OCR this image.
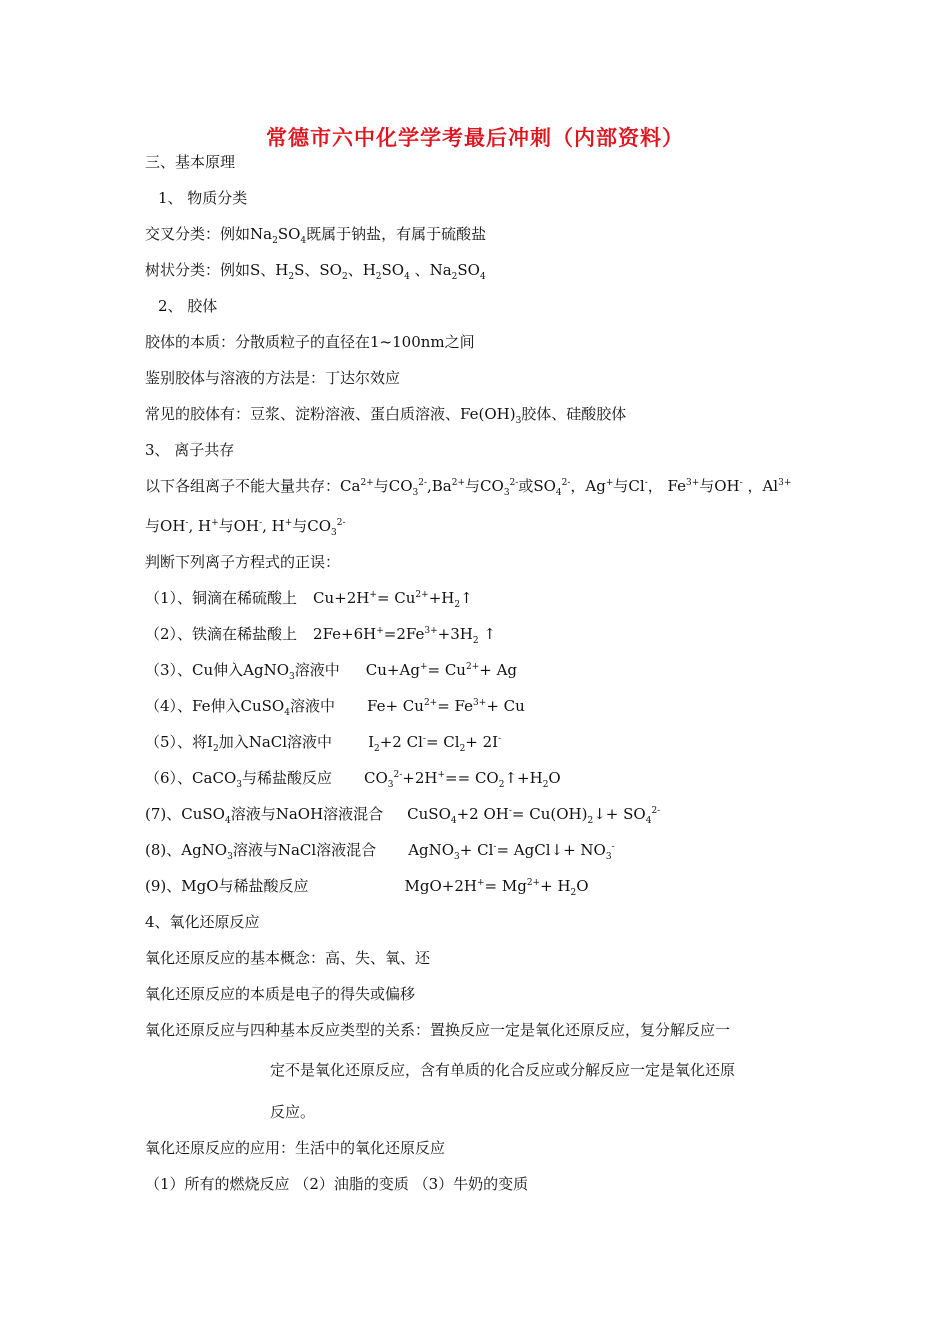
常德市六中化学学考最后冲刺（内部资料）
三、基本原理
1、 物质分类
交叉分类：例如$Na_2SO_4$既属于钠盐，有属于硫酸盐
树状分类：例如S、$H_2S$、$SO_2$、$H_2SO_4$ 、$Na_2SO_4$
2、 胶体
胶体的本质：分散质粒子的直径在1~100nm之间
鉴别胶体与溶液的方法是：丁达尔效应
常见的胶体有：豆浆、淀粉溶液、蛋白质溶液、$Fe(OH)_3$胶体、硅酸胶体
3、 离子共存
以下各组离子不能大量共存：$Ca^{2+}$与$CO_3^{2-},Ba^{2+}$与$CO_3^{2-}$或$SO_4^{2-}$，Ag+与Cl-， $Fe^{3+}$与OH- ，$Al^{3+}$
与OH-, H+与OH-, H+与$CO_3^{2-}$
判断下列离子方程式的正误：
（1）、铜滴在稀硫酸上 $Cu+2H^+= Cu^{2+}+H_2↑$
（2）、铁滴在稀盐酸上 $2Fe+6H^+=2Fe^{3+}+3H_2$ ↑
（3）、Cu伸入AgNO$_3$溶液中 $Cu+Ag^+= Cu^{2+}+ Ag$
（4）、Fe伸入CuSO$_4$溶液中 $Fe+ Cu^{2+}= Fe^{3+}+ Cu$
（5）、将$I_2$加入NaCl溶液中 $I_2+2$ $Cl^-= Cl_2+ 2I^-$
（6）、CaCO$_3$与稀盐酸反应 $CO_3^{2-}+2H^+==$ $CO_2↑+H_2O$
(7)、CuSO$_4$溶液与NaOH溶液混合 CuSO$_4$+2 $OH^-= Cu(OH)_2↓+ SO_4^{2-}$
(8)、AgNO$_3$溶液与NaCl溶液混合 AgNO$_3$+ Cl-= AgCl↓+ $NO_3^-$
(9)、MgO与稀盐酸反应	$MgO+2H^+= Mg^{2+}+ H_2O$
4、氧化还原反应
氧化还原反应的基本概念：高、失、氧、还
氧化还原反应的本质是电子的得失或偏移
氧化还原反应与四种基本反应类型的关系：置换反应一定是氧化还原反应，复分解反应一
定不是氧化还原反应，含有单质的化合反应或分解反应一定是氧化还原
反应。
氧化还原反应的应用：生活中的氧化还原反应
（1）所有的燃烧反应 （2）油脂的变质 （3）牛奶的变质
